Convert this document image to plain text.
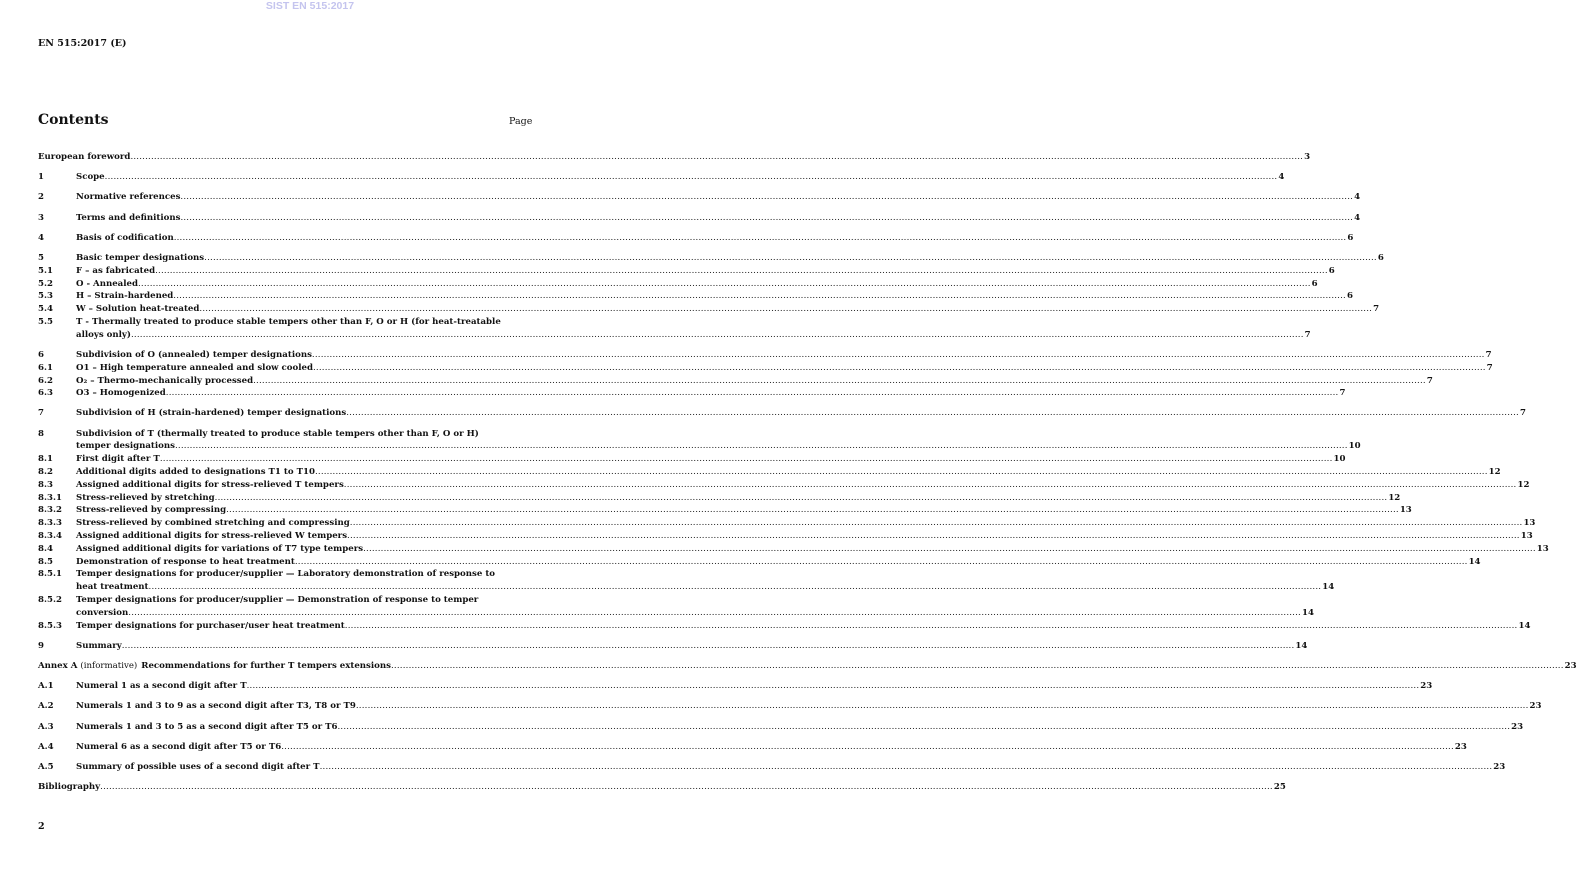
SIST EN 515:2017
EN 515:2017 (E)
Contents	Page
European foreword ................................................................................................................................................................................................................................................................................................................................................................................................................ 3
1	Scope ................................................................................................................................................................................................................................................................................................................................................................................................................ 4
2	Normative references ................................................................................................................................................................................................................................................................................................................................................................................................................ 4
3	Terms and definitions ................................................................................................................................................................................................................................................................................................................................................................................................................ 4
4	Basis of codification ................................................................................................................................................................................................................................................................................................................................................................................................................ 6
5	Basic temper designations ................................................................................................................................................................................................................................................................................................................................................................................................................ 6
5.1	F – as fabricated ................................................................................................................................................................................................................................................................................................................................................................................................................ 6
5.2	O - Annealed ................................................................................................................................................................................................................................................................................................................................................................................................................ 6
5.3	H – Strain-hardened ................................................................................................................................................................................................................................................................................................................................................................................................................ 6
5.4	W – Solution heat-treated ................................................................................................................................................................................................................................................................................................................................................................................................................ 7
5.5	T - Thermally treated to produce stable tempers other than F, O or H (for heat-treatable
alloys only) ................................................................................................................................................................................................................................................................................................................................................................................................................ 7
6	Subdivision of O (annealed) temper designations ................................................................................................................................................................................................................................................................................................................................................................................................................ 7
6.1	O1 – High temperature annealed and slow cooled ................................................................................................................................................................................................................................................................................................................................................................................................................ 7
6.2	O₂ – Thermo-mechanically processed ................................................................................................................................................................................................................................................................................................................................................................................................................ 7
6.3	O3 – Homogenized ................................................................................................................................................................................................................................................................................................................................................................................................................ 7
7	Subdivision of H (strain-hardened) temper designations ................................................................................................................................................................................................................................................................................................................................................................................................................ 7
8	Subdivision of T (thermally treated to produce stable tempers other than F, O or H)
temper designations ................................................................................................................................................................................................................................................................................................................................................................................................................ 10
8.1	First digit after T ................................................................................................................................................................................................................................................................................................................................................................................................................ 10
8.2	Additional digits added to designations T1 to T10 ................................................................................................................................................................................................................................................................................................................................................................................................................ 12
8.3	Assigned additional digits for stress-relieved T tempers ................................................................................................................................................................................................................................................................................................................................................................................................................ 12
8.3.1	Stress-relieved by stretching ................................................................................................................................................................................................................................................................................................................................................................................................................ 12
8.3.2	Stress-relieved by compressing ................................................................................................................................................................................................................................................................................................................................................................................................................ 13
8.3.3	Stress-relieved by combined stretching and compressing ................................................................................................................................................................................................................................................................................................................................................................................................................ 13
8.3.4	Assigned additional digits for stress-relieved W tempers ................................................................................................................................................................................................................................................................................................................................................................................................................ 13
8.4	Assigned additional digits for variations of T7 type tempers ................................................................................................................................................................................................................................................................................................................................................................................................................ 13
8.5	Demonstration of response to heat treatment ................................................................................................................................................................................................................................................................................................................................................................................................................ 14
8.5.1	Temper designations for producer/supplier — Laboratory demonstration of response to
heat treatment ................................................................................................................................................................................................................................................................................................................................................................................................................ 14
8.5.2	Temper designations for producer/supplier — Demonstration of response to temper
conversion ................................................................................................................................................................................................................................................................................................................................................................................................................ 14
8.5.3	Temper designations for purchaser/user heat treatment ................................................................................................................................................................................................................................................................................................................................................................................................................ 14
9	Summary ................................................................................................................................................................................................................................................................................................................................................................................................................ 14
Annex A (informative) Recommendations for further T tempers extensions ................................................................................................................................................................................................................................................................................................................................................................................................................ 23
A.1	Numeral 1 as a second digit after T ................................................................................................................................................................................................................................................................................................................................................................................................................ 23
A.2	Numerals 1 and 3 to 9 as a second digit after T3, T8 or T9 ................................................................................................................................................................................................................................................................................................................................................................................................................ 23
A.3	Numerals 1 and 3 to 5 as a second digit after T5 or T6 ................................................................................................................................................................................................................................................................................................................................................................................................................ 23
A.4	Numeral 6 as a second digit after T5 or T6 ................................................................................................................................................................................................................................................................................................................................................................................................................ 23
A.5	Summary of possible uses of a second digit after T ................................................................................................................................................................................................................................................................................................................................................................................................................ 23
Bibliography ................................................................................................................................................................................................................................................................................................................................................................................................................ 25
2
